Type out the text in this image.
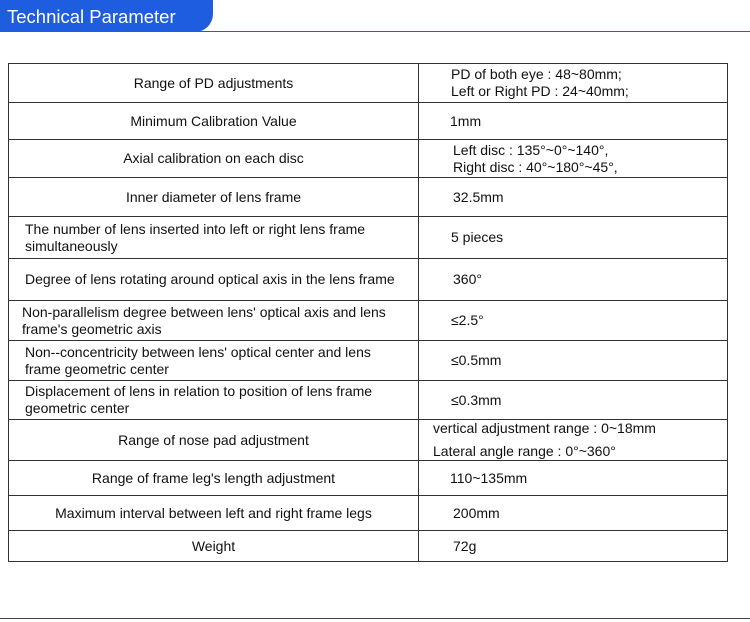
Technical Parameter
Range of PD adjustments	PD of both eye : 48~80mm;
Left or Right PD : 24~40mm;

Minimum Calibration Value	1mm

Axial calibration on each disc	Left disc : 135°~0°~140°,
Right disc : 40°~180°~45°,

Inner diameter of lens frame	32.5mm

The number of lens inserted into left or right lens frame simultaneously	5 pieces

Degree of lens rotating around optical axis in the lens frame	360°

Non-parallelism degree between lens' optical axis and lens frame's geometric axis	≤2.5°

Non--concentricity between lens' optical center and lens frame geometric center	≤0.5mm

Displacement of lens in relation to position of lens frame geometric center	≤0.3mm

Range of nose pad adjustment	vertical adjustment range : 0~18mm
Lateral angle range : 0°~360°

Range of frame leg's length adjustment	110~135mm

Maximum interval between left and right frame legs	200mm

Weight	72g
